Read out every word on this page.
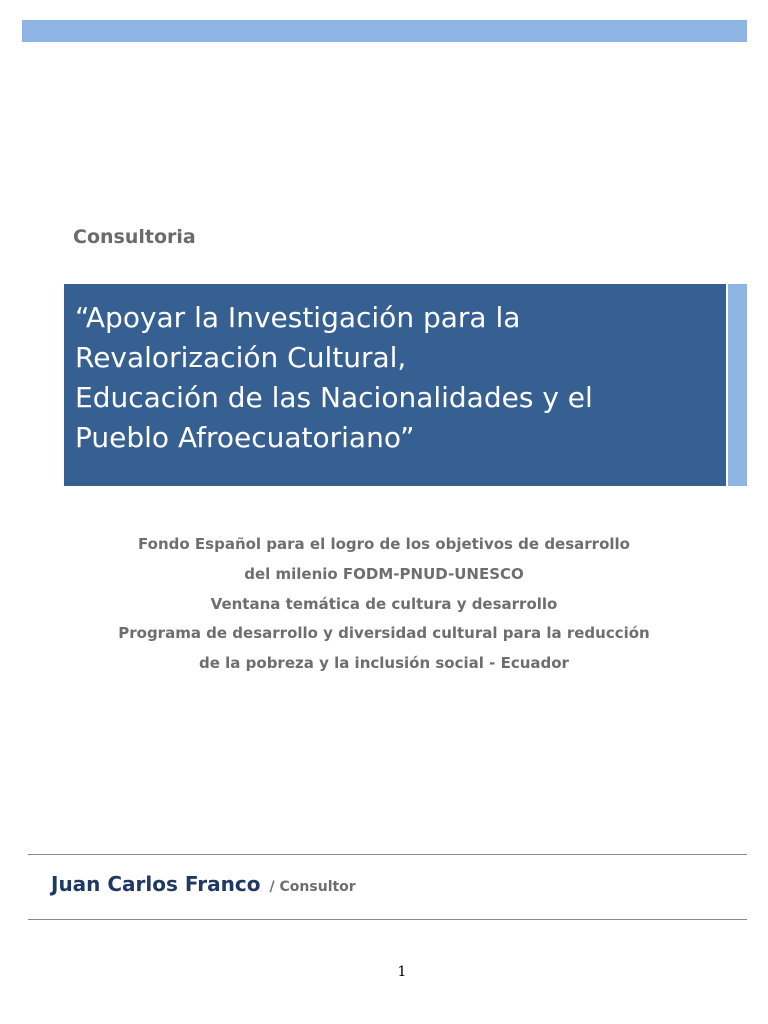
Consultoria
“Apoyar la Investigación para la
Revalorización Cultural,
Educación de las Nacionalidades y el
Pueblo Afroecuatoriano”
Fondo Español para el logro de los objetivos de desarrollo
del milenio FODM-PNUD-UNESCO
Ventana temática de cultura y desarrollo
Programa de desarrollo y diversidad cultural para la reducción
de la pobreza y la inclusión social - Ecuador
Juan Carlos Franco / Consultor
1
